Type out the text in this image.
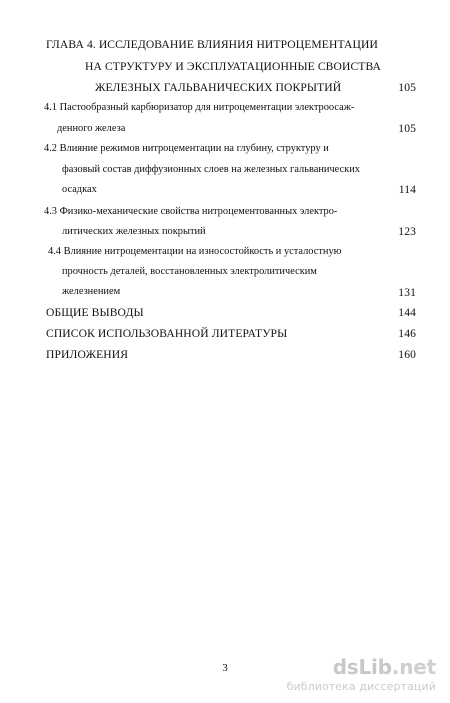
ГЛАВА 4. ИССЛЕДОВАНИЕ ВЛИЯНИЯ НИТРОЦЕМЕНТАЦИИ
НА СТРУКТУРУ И ЭКСПЛУАТАЦИОННЫЕ СВОИСТВА
ЖЕЛЕЗНЫХ ГАЛЬВАНИЧЕСКИХ ПОКРЫТИЙ	105
4.1 Пастообразный карбюризатор для нитроцементации электроосаж-
денного железа	105
4.2 Влияние режимов нитроцементации на глубину, структуру и
фазовый состав диффузионных слоев на железных гальванических
осадках	114
4.3 Физико-механические свойства нитроцементованных электро-
литических железных покрытий	123
4.4 Влияние нитроцементации на износостойкость и усталостную
прочность деталей, восстановленных электролитическим
железнением	131
ОБЩИЕ ВЫВОДЫ	144
СПИСОК ИСПОЛЬЗОВАННОЙ ЛИТЕРАТУРЫ	146
ПРИЛОЖЕНИЯ	160
3	dsLib.net
библиотека диссертаций
